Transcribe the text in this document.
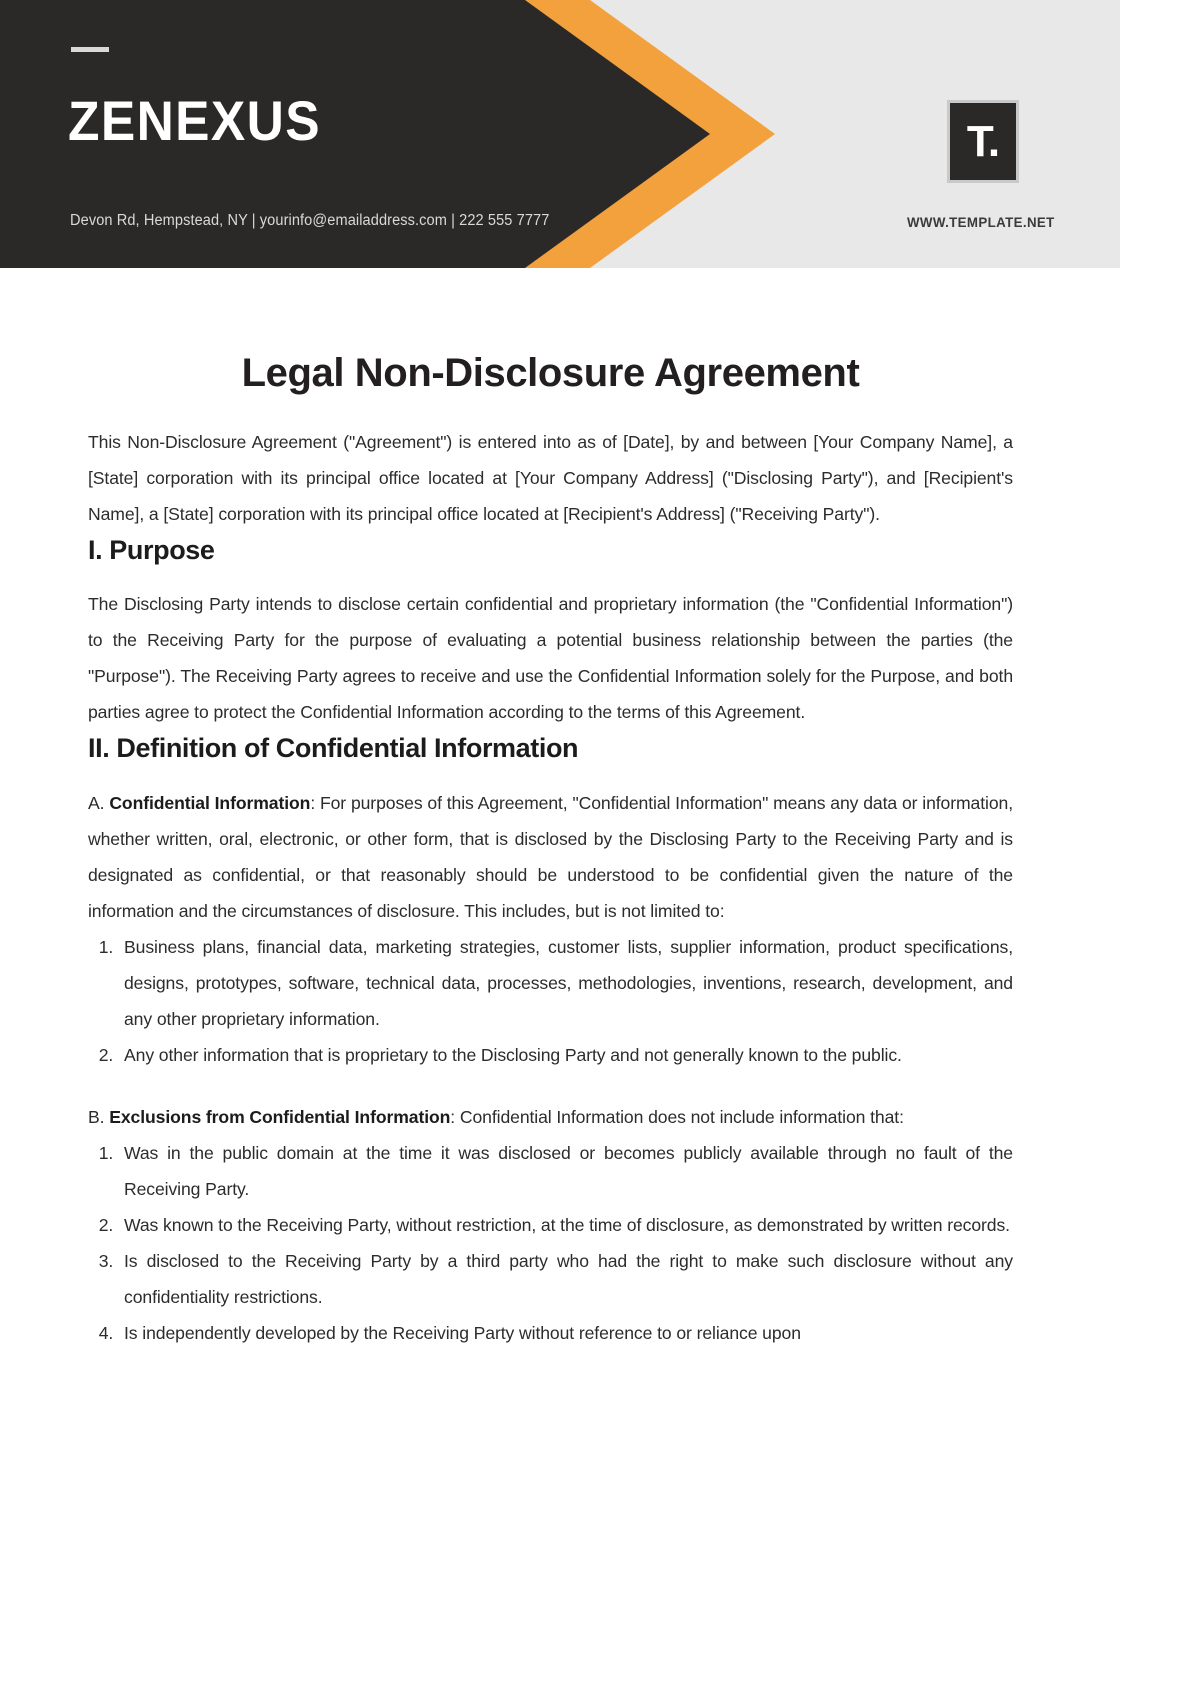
ZENEXUS
Devon Rd, Hempstead, NY | yourinfo@emailaddress.com | 222 555 7777
T.
WWW.TEMPLATE.NET
Legal Non-Disclosure Agreement

This Non-Disclosure Agreement ("Agreement") is entered into as of [Date], by and between [Your Company Name], a [State] corporation with its principal office located at [Your Company Address] ("Disclosing Party"), and [Recipient's Name], a [State] corporation with its principal office located at [Recipient's Address] ("Receiving Party").

I. Purpose

The Disclosing Party intends to disclose certain confidential and proprietary information (the "Confidential Information") to the Receiving Party for the purpose of evaluating a potential business relationship between the parties (the "Purpose"). The Receiving Party agrees to receive and use the Confidential Information solely for the Purpose, and both parties agree to protect the Confidential Information according to the terms of this Agreement.

II. Definition of Confidential Information

A. Confidential Information: For purposes of this Agreement, "Confidential Information" means any data or information, whether written, oral, electronic, or other form, that is disclosed by the Disclosing Party to the Receiving Party and is designated as confidential, or that reasonably should be understood to be confidential given the nature of the information and the circumstances of disclosure. This includes, but is not limited to:

1. Business plans, financial data, marketing strategies, customer lists, supplier information, product specifications, designs, prototypes, software, technical data, processes, methodologies, inventions, research, development, and any other proprietary information.
2. Any other information that is proprietary to the Disclosing Party and not generally known to the public.

B. Exclusions from Confidential Information: Confidential Information does not include information that:

1. Was in the public domain at the time it was disclosed or becomes publicly available through no fault of the Receiving Party.
2. Was known to the Receiving Party, without restriction, at the time of disclosure, as demonstrated by written records.
3. Is disclosed to the Receiving Party by a third party who had the right to make such disclosure without any confidentiality restrictions.
4. Is independently developed by the Receiving Party without reference to or reliance upon
